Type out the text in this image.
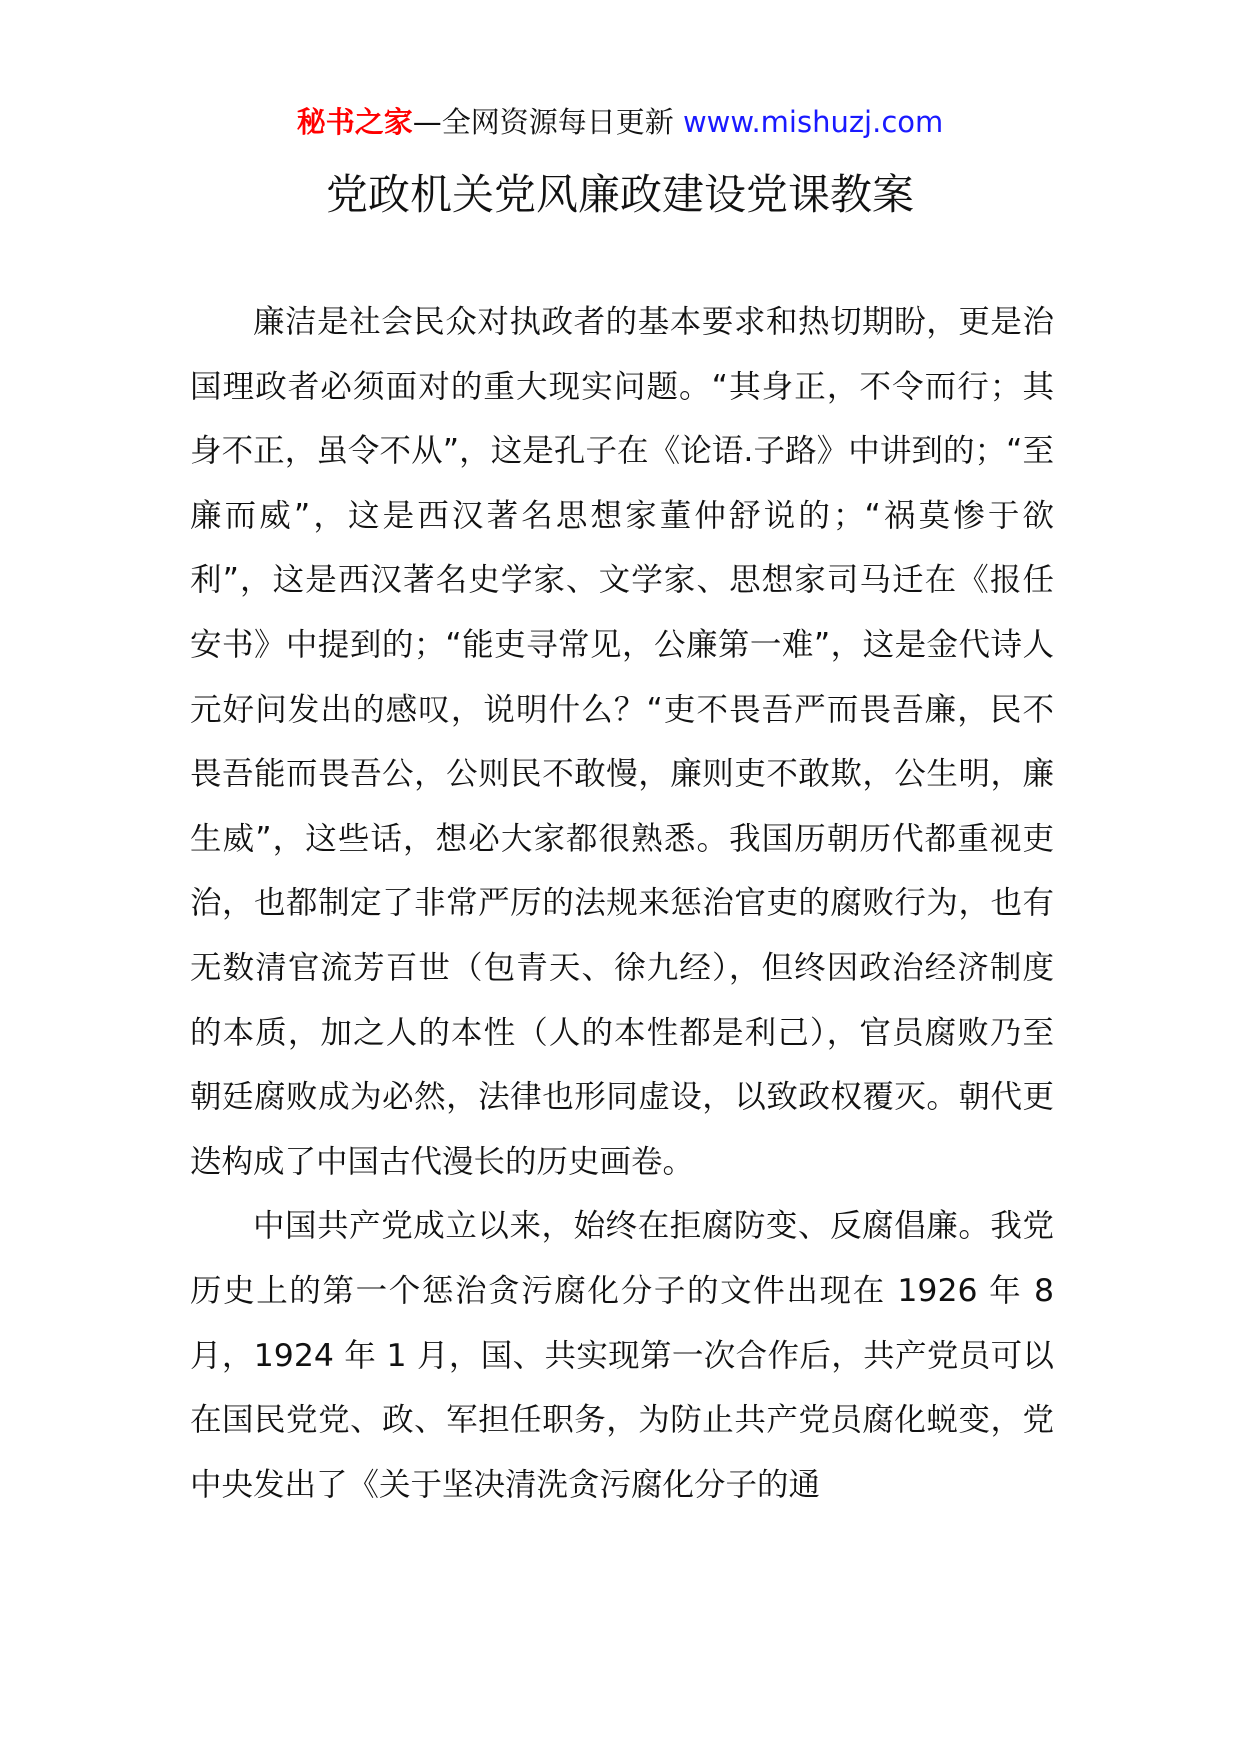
秘书之家—全网资源每日更新 www.mishuzj.com
党政机关党风廉政建设党课教案

廉洁是社会民众对执政者的基本要求和热切期盼，更是治国理政者必须面对的重大现实问题。“其身正，不令而行；其身不正，虽令不从”，这是孔子在《论语.子路》中讲到的；“至廉而威”，这是西汉著名思想家董仲舒说的；“祸莫惨于欲利”，这是西汉著名史学家、文学家、思想家司马迁在《报任安书》中提到的；“能吏寻常见，公廉第一难”，这是金代诗人元好问发出的感叹，说明什么？“吏不畏吾严而畏吾廉，民不畏吾能而畏吾公，公则民不敢慢，廉则吏不敢欺，公生明，廉生威”，这些话，想必大家都很熟悉。我国历朝历代都重视吏治，也都制定了非常严厉的法规来惩治官吏的腐败行为，也有无数清官流芳百世（包青天、徐九经），但终因政治经济制度的本质，加之人的本性（人的本性都是利己），官员腐败乃至朝廷腐败成为必然，法律也形同虚设，以致政权覆灭。朝代更迭构成了中国古代漫长的历史画卷。

中国共产党成立以来，始终在拒腐防变、反腐倡廉。我党历史上的第一个惩治贪污腐化分子的文件出现在 1926 年 8 月，1924 年 1 月，国、共实现第一次合作后，共产党员可以在国民党党、政、军担任职务，为防止共产党员腐化蜕变，党中央发出了《关于坚决清洗贪污腐化分子的通
